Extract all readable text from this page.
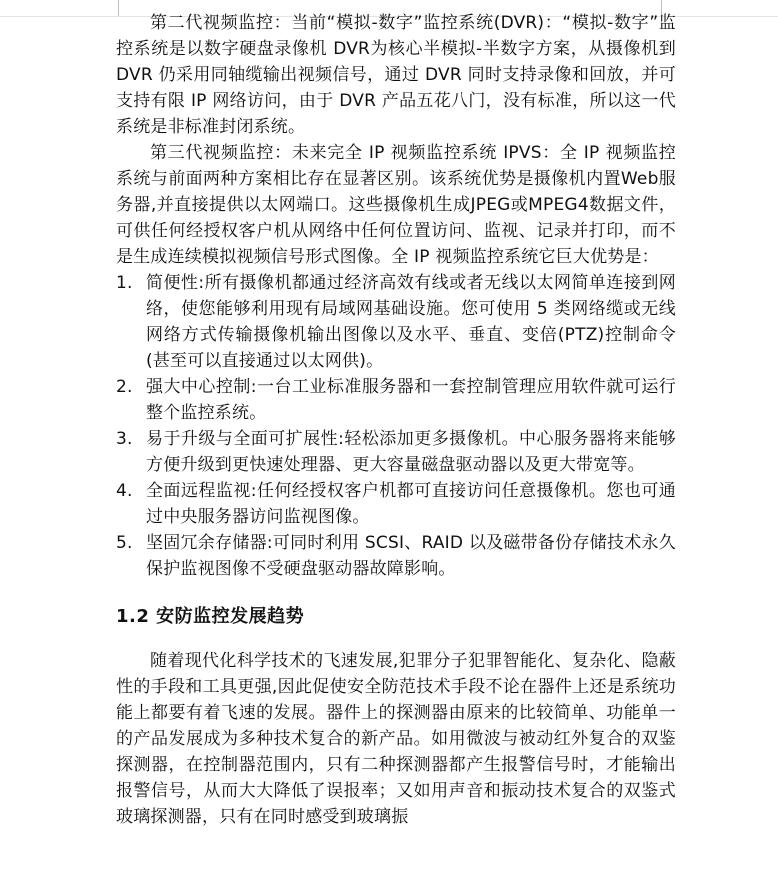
第二代视频监控：当前“模拟-数字”监控系统(DVR)：“模拟-数字”监控系统是以数字硬盘录像机 DVR为核心半模拟-半数字方案，从摄像机到 DVR 仍采用同轴缆输出视频信号，通过 DVR 同时支持录像和回放，并可支持有限 IP 网络访问，由于 DVR 产品五花八门，没有标准，所以这一代系统是非标准封闭系统。

第三代视频监控：未来完全 IP 视频监控系统 IPVS：全 IP 视频监控系统与前面两种方案相比存在显著区别。该系统优势是摄像机内置Web服务器,并直接提供以太网端口。这些摄像机生成JPEG或MPEG4数据文件，可供任何经授权客户机从网络中任何位置访问、监视、记录并打印，而不是生成连续模拟视频信号形式图像。全 IP 视频监控系统它巨大优势是：

1. 简便性:所有摄像机都通过经济高效有线或者无线以太网简单连接到网络，使您能够利用现有局域网基础设施。您可使用 5 类网络缆或无线网络方式传输摄像机输出图像以及水平、垂直、变倍(PTZ)控制命令(甚至可以直接通过以太网供)。
2. 强大中心控制:一台工业标准服务器和一套控制管理应用软件就可运行整个监控系统。
3. 易于升级与全面可扩展性:轻松添加更多摄像机。中心服务器将来能够方便升级到更快速处理器、更大容量磁盘驱动器以及更大带宽等。
4. 全面远程监视:任何经授权客户机都可直接访问任意摄像机。您也可通过中央服务器访问监视图像。
5. 坚固冗余存储器:可同时利用 SCSI、RAID 以及磁带备份存储技术永久保护监视图像不受硬盘驱动器故障影响。
1.2 安防监控发展趋势

随着现代化科学技术的飞速发展,犯罪分子犯罪智能化、复杂化、隐蔽性的手段和工具更强,因此促使安全防范技术手段不论在器件上还是系统功能上都要有着飞速的发展。器件上的探测器由原来的比较简单、功能单一的产品发展成为多种技术复合的新产品。如用微波与被动红外复合的双鉴探测器，在控制器范围内，只有二种探测器都产生报警信号时，才能输出报警信号，从而大大降低了误报率；又如用声音和振动技术复合的双鉴式玻璃探测器，只有在同时感受到玻璃振
